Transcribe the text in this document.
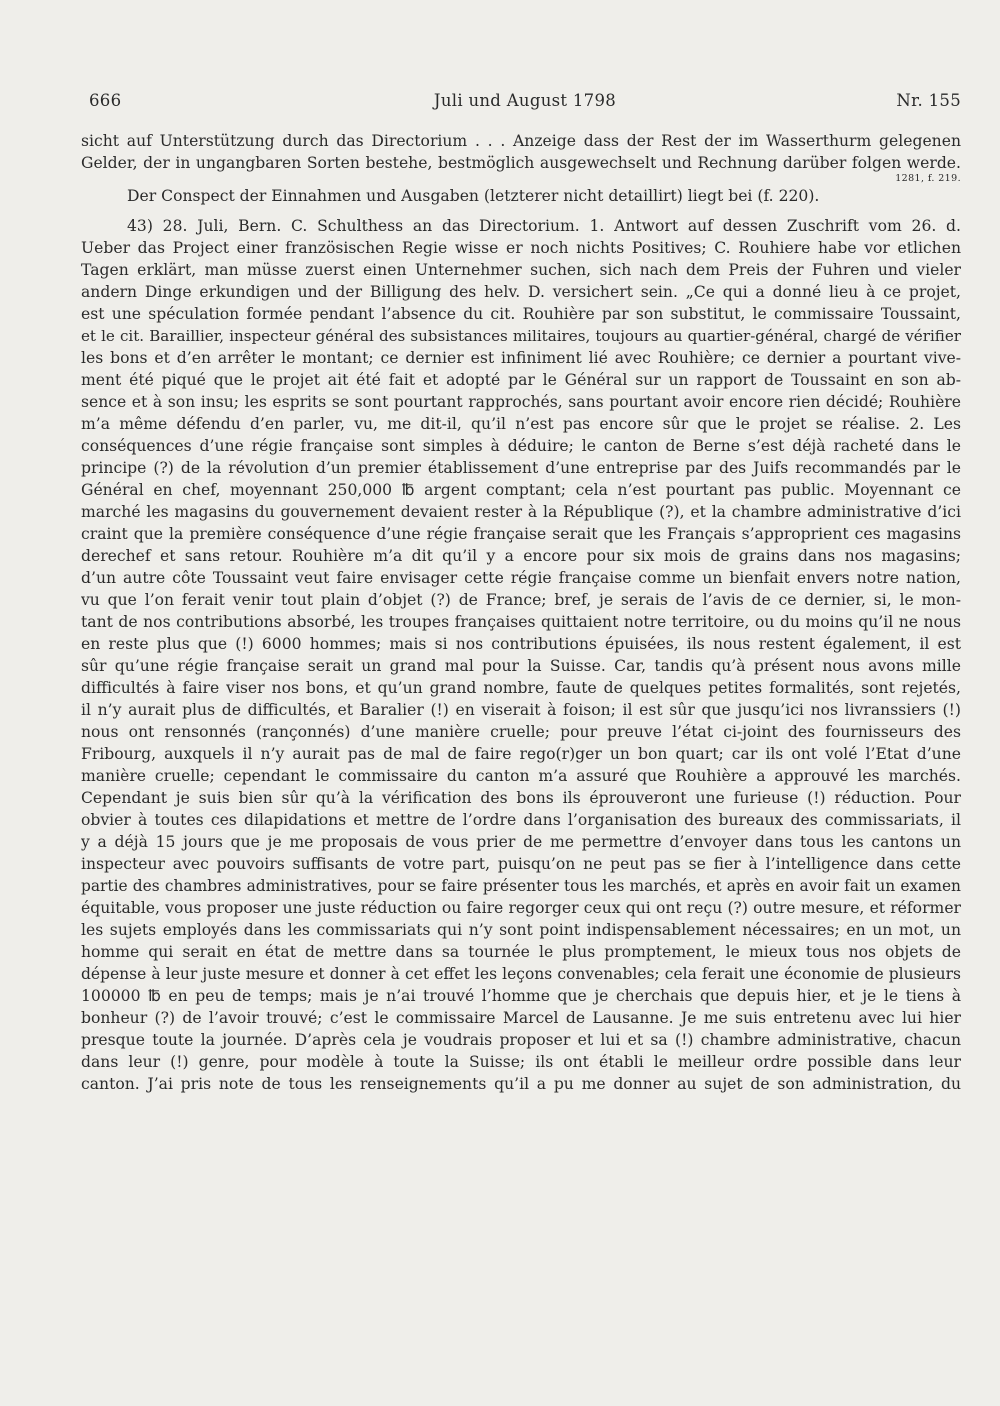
666	Juli und August 1798	Nr. 155
sicht auf Unterstützung durch das Directorium . . . Anzeige dass der Rest der im Wasserthurm gelegenen
Gelder, der in ungangbaren Sorten bestehe, bestmöglich ausgewechselt und Rechnung darüber folgen werde.
1281, f. 219.
Der Conspect der Einnahmen und Ausgaben (letzterer nicht detaillirt) liegt bei (f. 220).
43) 28. Juli, Bern. C. Schulthess an das Directorium. 1. Antwort auf dessen Zuschrift vom 26. d.
Ueber das Project einer französischen Regie wisse er noch nichts Positives; C. Rouhiere habe vor etlichen
Tagen erklärt, man müsse zuerst einen Unternehmer suchen, sich nach dem Preis der Fuhren und vieler
andern Dinge erkundigen und der Billigung des helv. D. versichert sein. „Ce qui a donné lieu à ce projet,
est une spéculation formée pendant l’absence du cit. Rouhière par son substitut, le commissaire Toussaint,
et le cit. Baraillier, inspecteur général des subsistances militaires, toujours au quartier-général, chargé de vérifier
les bons et d’en arrêter le montant; ce dernier est infiniment lié avec Rouhière; ce dernier a pourtant vive-
ment été piqué que le projet ait été fait et adopté par le Général sur un rapport de Toussaint en son ab-
sence et à son insu; les esprits se sont pourtant rapprochés, sans pourtant avoir encore rien décidé; Rouhière
m’a même défendu d’en parler, vu, me dit-il, qu’il n’est pas encore sûr que le projet se réalise. 2. Les
conséquences d’une régie française sont simples à déduire; le canton de Berne s’est déjà racheté dans le
principe (?) de la révolution d’un premier établissement d’une entreprise par des Juifs recommandés par le
Général en chef, moyennant 250,000 ℔ argent comptant; cela n’est pourtant pas public. Moyennant ce
marché les magasins du gouvernement devaient rester à la République (?), et la chambre administrative d’ici
craint que la première conséquence d’une régie française serait que les Français s’approprient ces magasins
derechef et sans retour. Rouhière m’a dit qu’il y a encore pour six mois de grains dans nos magasins;
d’un autre côte Toussaint veut faire envisager cette régie française comme un bienfait envers notre nation,
vu que l’on ferait venir tout plain d’objet (?) de France; bref, je serais de l’avis de ce dernier, si, le mon-
tant de nos contributions absorbé, les troupes françaises quittaient notre territoire, ou du moins qu’il ne nous
en reste plus que (!) 6000 hommes; mais si nos contributions épuisées, ils nous restent également, il est
sûr qu’une régie française serait un grand mal pour la Suisse. Car, tandis qu’à présent nous avons mille
difficultés à faire viser nos bons, et qu’un grand nombre, faute de quelques petites formalités, sont rejetés,
il n’y aurait plus de difficultés, et Baralier (!) en viserait à foison; il est sûr que jusqu’ici nos livranssiers (!)
nous ont rensonnés (rançonnés) d’une manière cruelle; pour preuve l’état ci-joint des fournisseurs des
Fribourg, auxquels il n’y aurait pas de mal de faire rego(r)ger un bon quart; car ils ont volé l’Etat d’une
manière cruelle; cependant le commissaire du canton m’a assuré que Rouhière a approuvé les marchés.
Cependant je suis bien sûr qu’à la vérification des bons ils éprouveront une furieuse (!) réduction. Pour
obvier à toutes ces dilapidations et mettre de l’ordre dans l’organisation des bureaux des commissariats, il
y a déjà 15 jours que je me proposais de vous prier de me permettre d’envoyer dans tous les cantons un
inspecteur avec pouvoirs suffisants de votre part, puisqu’on ne peut pas se fier à l’intelligence dans cette
partie des chambres administratives, pour se faire présenter tous les marchés, et après en avoir fait un examen
équitable, vous proposer une juste réduction ou faire regorger ceux qui ont reçu (?) outre mesure, et réformer
les sujets employés dans les commissariats qui n’y sont point indispensablement nécessaires; en un mot, un
homme qui serait en état de mettre dans sa tournée le plus promptement, le mieux tous nos objets de
dépense à leur juste mesure et donner à cet effet les leçons convenables; cela ferait une économie de plusieurs
100000 ℔ en peu de temps; mais je n’ai trouvé l’homme que je cherchais que depuis hier, et je le tiens à
bonheur (?) de l’avoir trouvé; c’est le commissaire Marcel de Lausanne. Je me suis entretenu avec lui hier
presque toute la journée. D’après cela je voudrais proposer et lui et sa (!) chambre administrative, chacun
dans leur (!) genre, pour modèle à toute la Suisse; ils ont établi le meilleur ordre possible dans leur
canton. J’ai pris note de tous les renseignements qu’il a pu me donner au sujet de son administration, du
